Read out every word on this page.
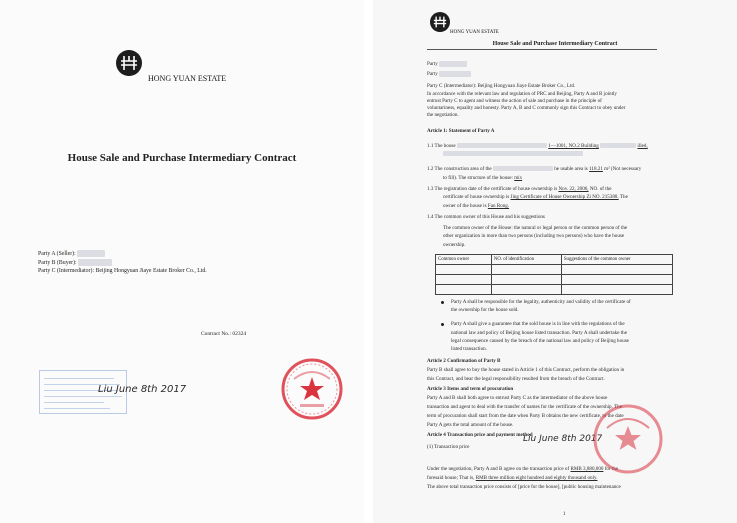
HONG YUAN ESTATE
House Sale and Purchase Intermediary Contract
Party A (Seller):
Party B (Buyer):
Party C (Intermediator): Beijing Hongyuan Jiaye Estate Broker Co., Ltd.
Contract No.: 02324
Liu June 8th 2017
HONG YUAN ESTATE
House Sale and Purchase Intermediary Contract
Party
Party
Party C (Intermediator): Beijing Hongyuan Jiaye Estate Broker Co., Ltd.
In accordance with the relevant law and regulation of PRC and Beijing, Party A and B jointly
entrust Party C to agent and witness the action of sale and purchase in the principle of
voluntariness, equality and honesty. Party A, B and C commonly sign this Contract to obey under
the negotiation.
Article 1: Statement of Party A
1.1 The house	1—1001, NO.2 Building	illed,
1.2 The construction area of the	he usable area is 118.21 m² (Not necessary
to fill). The structure of the house: mix
1.3 The registration date of the certificate of house ownership is Nov. 22, 2006, NO. of the
certificate of house ownership is Jing Certificate of House Ownership Zi NO. 215388. The
owner of the house is Fan Rong.
1.4 The common owner of this House and his suggestions
The common owner of the House: the natural or legal person or the common person of the
other organization in more than two persons (including two persons) who have the house
ownership.
Common owner	NO. of identification	Suggestions of the common owner

Party A shall be responsible for the legality, authenticity and validity of the certificate of
the ownership for the house sold.
Party A shall give a guarantee that the sold house is in line with the regulations of the
national law and policy of Beijing house listed transaction. Party A shall undertake the
legal consequence caused by the breach of the national law and policy of Beijing house
listed transaction.
Article 2 Confirmation of Party B
Party B shall agree to buy the house stated in Article 1 of this Contract, perform the obligation in
this Contract, and bear the legal responsibility resulted from the breach of the Contract.
Article 3 Items and term of procuration
Party A and B shall both agree to entrust Party C as the intermediator of the above house
transaction and agent to deal with the transfer of names for the certificate of the ownership. The
term of procuration shall start from the date when Party B obtains the new certificate, to the date
Party A gets the total amount of the house.
Article 4 Transaction price and payment method
(1) Transaction price
Liu June 8th 2017
Under the negotiation, Party A and B agree on the transaction price of RMB 3,880,000 for the
foresaid house; That is, RMB three million eight hundred and eighty thousand only.
The above total transaction price consists of [price for the house], [public housing maintenance
1
